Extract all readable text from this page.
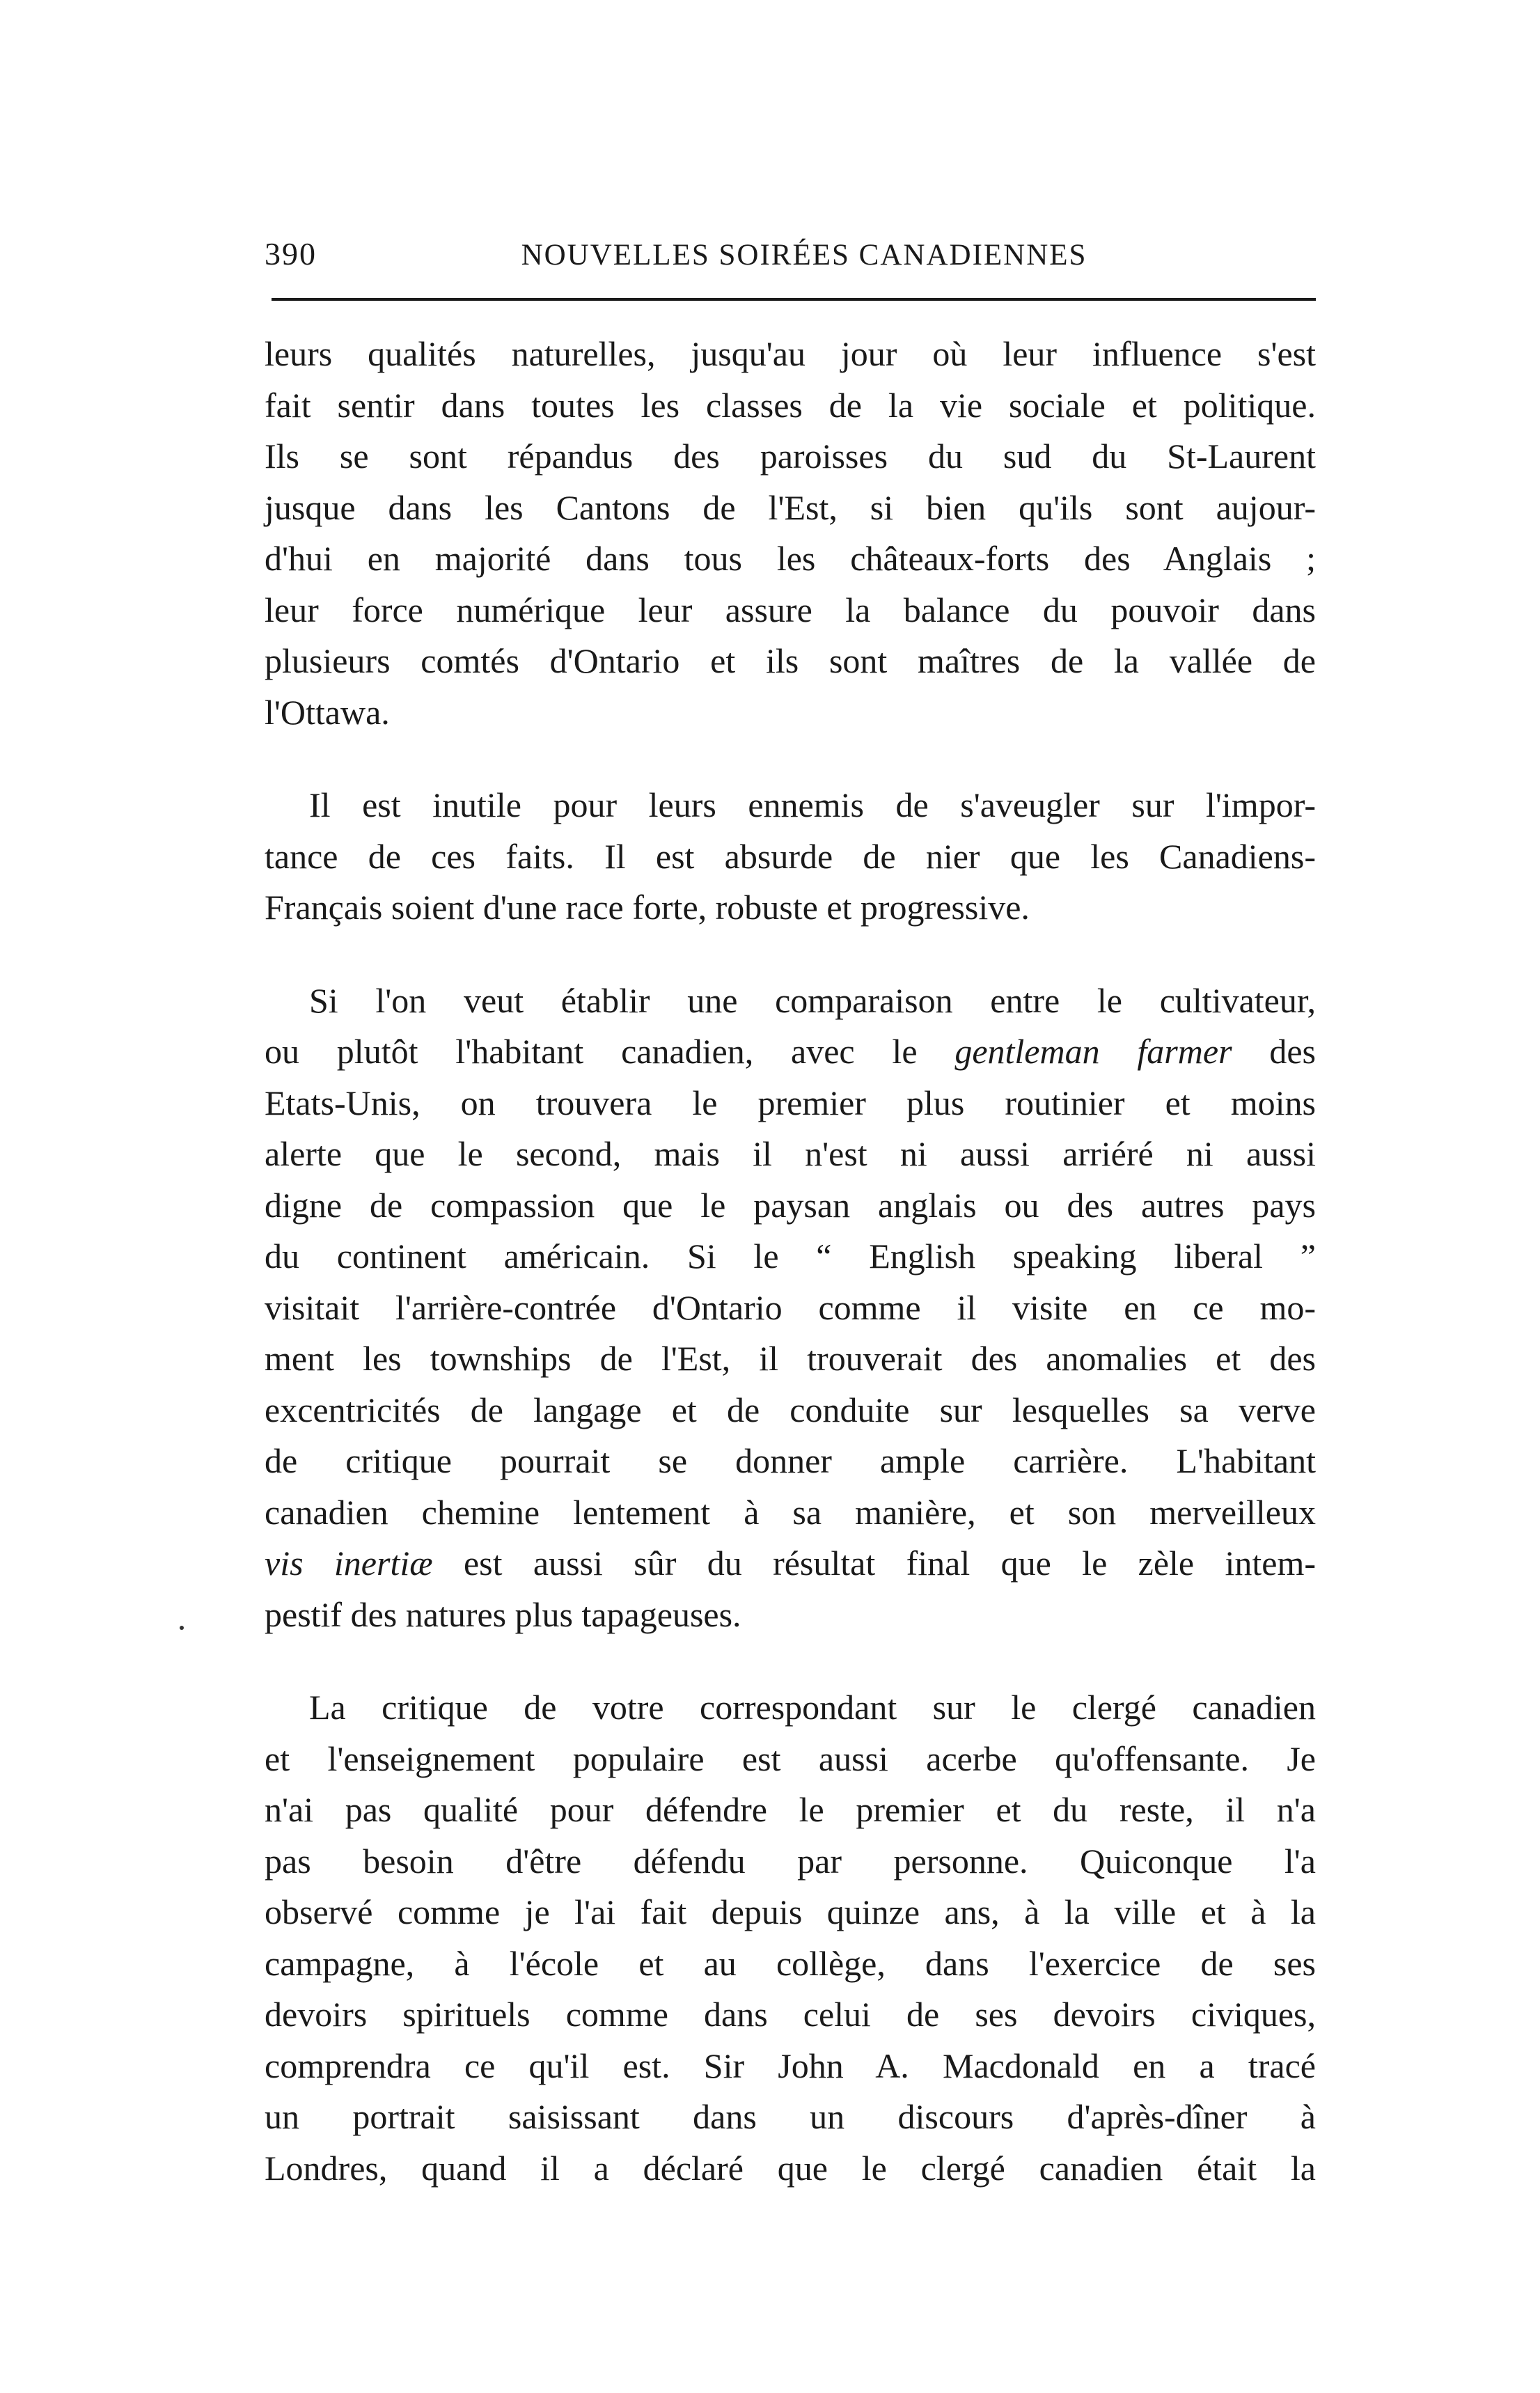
390	NOUVELLES SOIRÉES CANADIENNES

leurs qualités naturelles, jusqu'au jour où leur influence s'est
fait sentir dans toutes les classes de la vie sociale et politique.
Ils se sont répandus des paroisses du sud du St-Laurent
jusque dans les Cantons de l'Est, si bien qu'ils sont aujour-
d'hui en majorité dans tous les châteaux-forts des Anglais ;
leur force numérique leur assure la balance du pouvoir dans
plusieurs comtés d'Ontario et ils sont maîtres de la vallée de
l'Ottawa.

Il est inutile pour leurs ennemis de s'aveugler sur l'impor-
tance de ces faits. Il est absurde de nier que les Canadiens-
Français soient d'une race forte, robuste et progressive.

Si l'on veut établir une comparaison entre le cultivateur,
ou plutôt l'habitant canadien, avec le gentleman farmer des
Etats-Unis, on trouvera le premier plus routinier et moins
alerte que le second, mais il n'est ni aussi arriéré ni aussi
digne de compassion que le paysan anglais ou des autres pays
du continent américain. Si le “ English speaking liberal ”
visitait l'arrière-contrée d'Ontario comme il visite en ce mo-
ment les townships de l'Est, il trouverait des anomalies et des
excentricités de langage et de conduite sur lesquelles sa verve
de critique pourrait se donner ample carrière. L'habitant
canadien chemine lentement à sa manière, et son merveilleux
vis inertiæ est aussi sûr du résultat final que le zèle intem-
pestif des natures plus tapageuses.

La critique de votre correspondant sur le clergé canadien
et l'enseignement populaire est aussi acerbe qu'offensante. Je
n'ai pas qualité pour défendre le premier et du reste, il n'a
pas besoin d'être défendu par personne. Quiconque l'a
observé comme je l'ai fait depuis quinze ans, à la ville et à la
campagne, à l'école et au collège, dans l'exercice de ses
devoirs spirituels comme dans celui de ses devoirs civiques,
comprendra ce qu'il est. Sir John A. Macdonald en a tracé
un portrait saisissant dans un discours d'après-dîner à
Londres, quand il a déclaré que le clergé canadien était la
